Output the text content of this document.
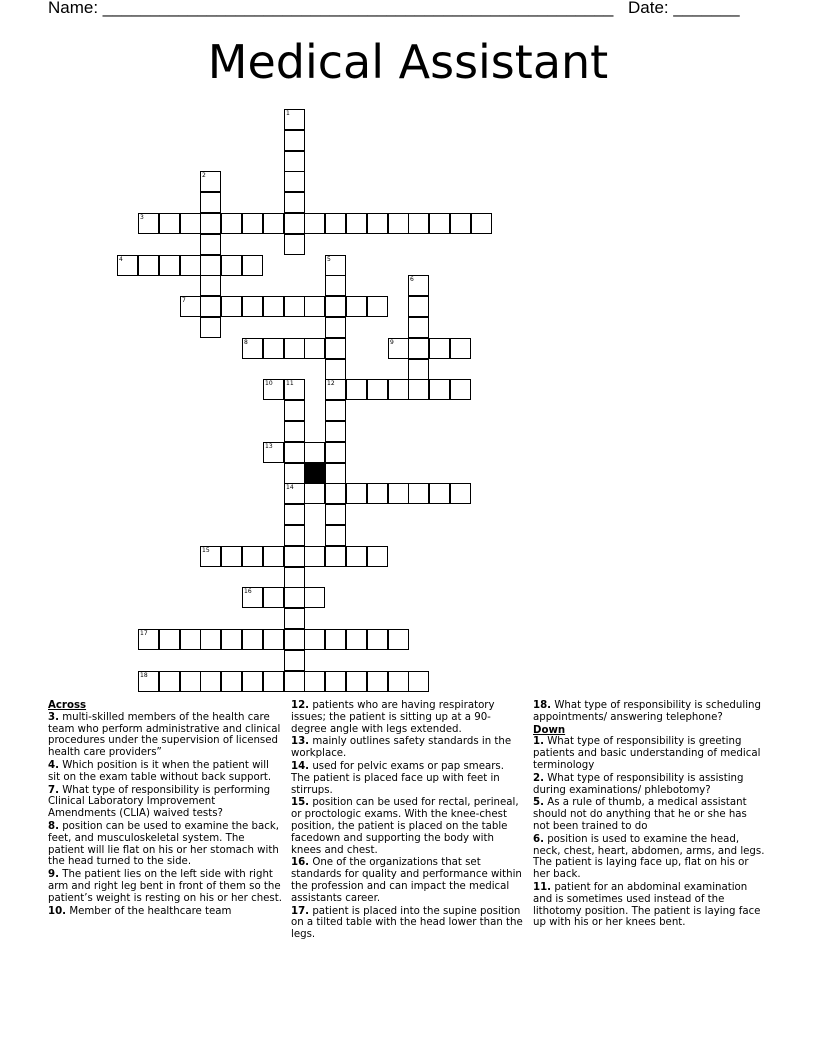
Name: ______________________________________________________ Date: _______
Medical Assistant
1
2
3
4	5
12
6
7
8	9
10 11
14
13
15
16
17
18

Across

3. multi-skilled members of the health care team who perform administrative and clinical procedures under the supervision of licensed health care providers”
4. Which position is it when the patient will sit on the exam table without back support.
7. What type of responsibility is performing Clinical Laboratory Improvement Amendments (CLIA) waived tests?
8. position can be used to examine the back, feet, and musculoskeletal system. The patient will lie flat on his or her stomach with the head turned to the side.
9. The patient lies on the left side with right arm and right leg bent in front of them so the patient’s weight is resting on his or her chest.
10. Member of the healthcare team
12. patients who are having respiratory issues; the patient is sitting up at a 90-degree angle with legs extended.
13. mainly outlines safety standards in the workplace.
14. used for pelvic exams or pap smears. The patient is placed face up with feet in stirrups.
15. position can be used for rectal, perineal, or proctologic exams. With the knee-chest position, the patient is placed on the table facedown and supporting the body with knees and chest.
16. One of the organizations that set standards for quality and performance within the profession and can impact the medical assistants career.
17. patient is placed into the supine position on a tilted table with the head lower than the legs.
18. What type of responsibility is scheduling appointments/ answering telephone?

Down

1. What type of responsibility is greeting patients and basic understanding of medical terminology
2. What type of responsibility is assisting during examinations/ phlebotomy?
5. As a rule of thumb, a medical assistant should not do anything that he or she has not been trained to do
6. position is used to examine the head, neck, chest, heart, abdomen, arms, and legs. The patient is laying face up, flat on his or her back.
11. patient for an abdominal examination and is sometimes used instead of the lithotomy position. The patient is laying face up with his or her knees bent.
